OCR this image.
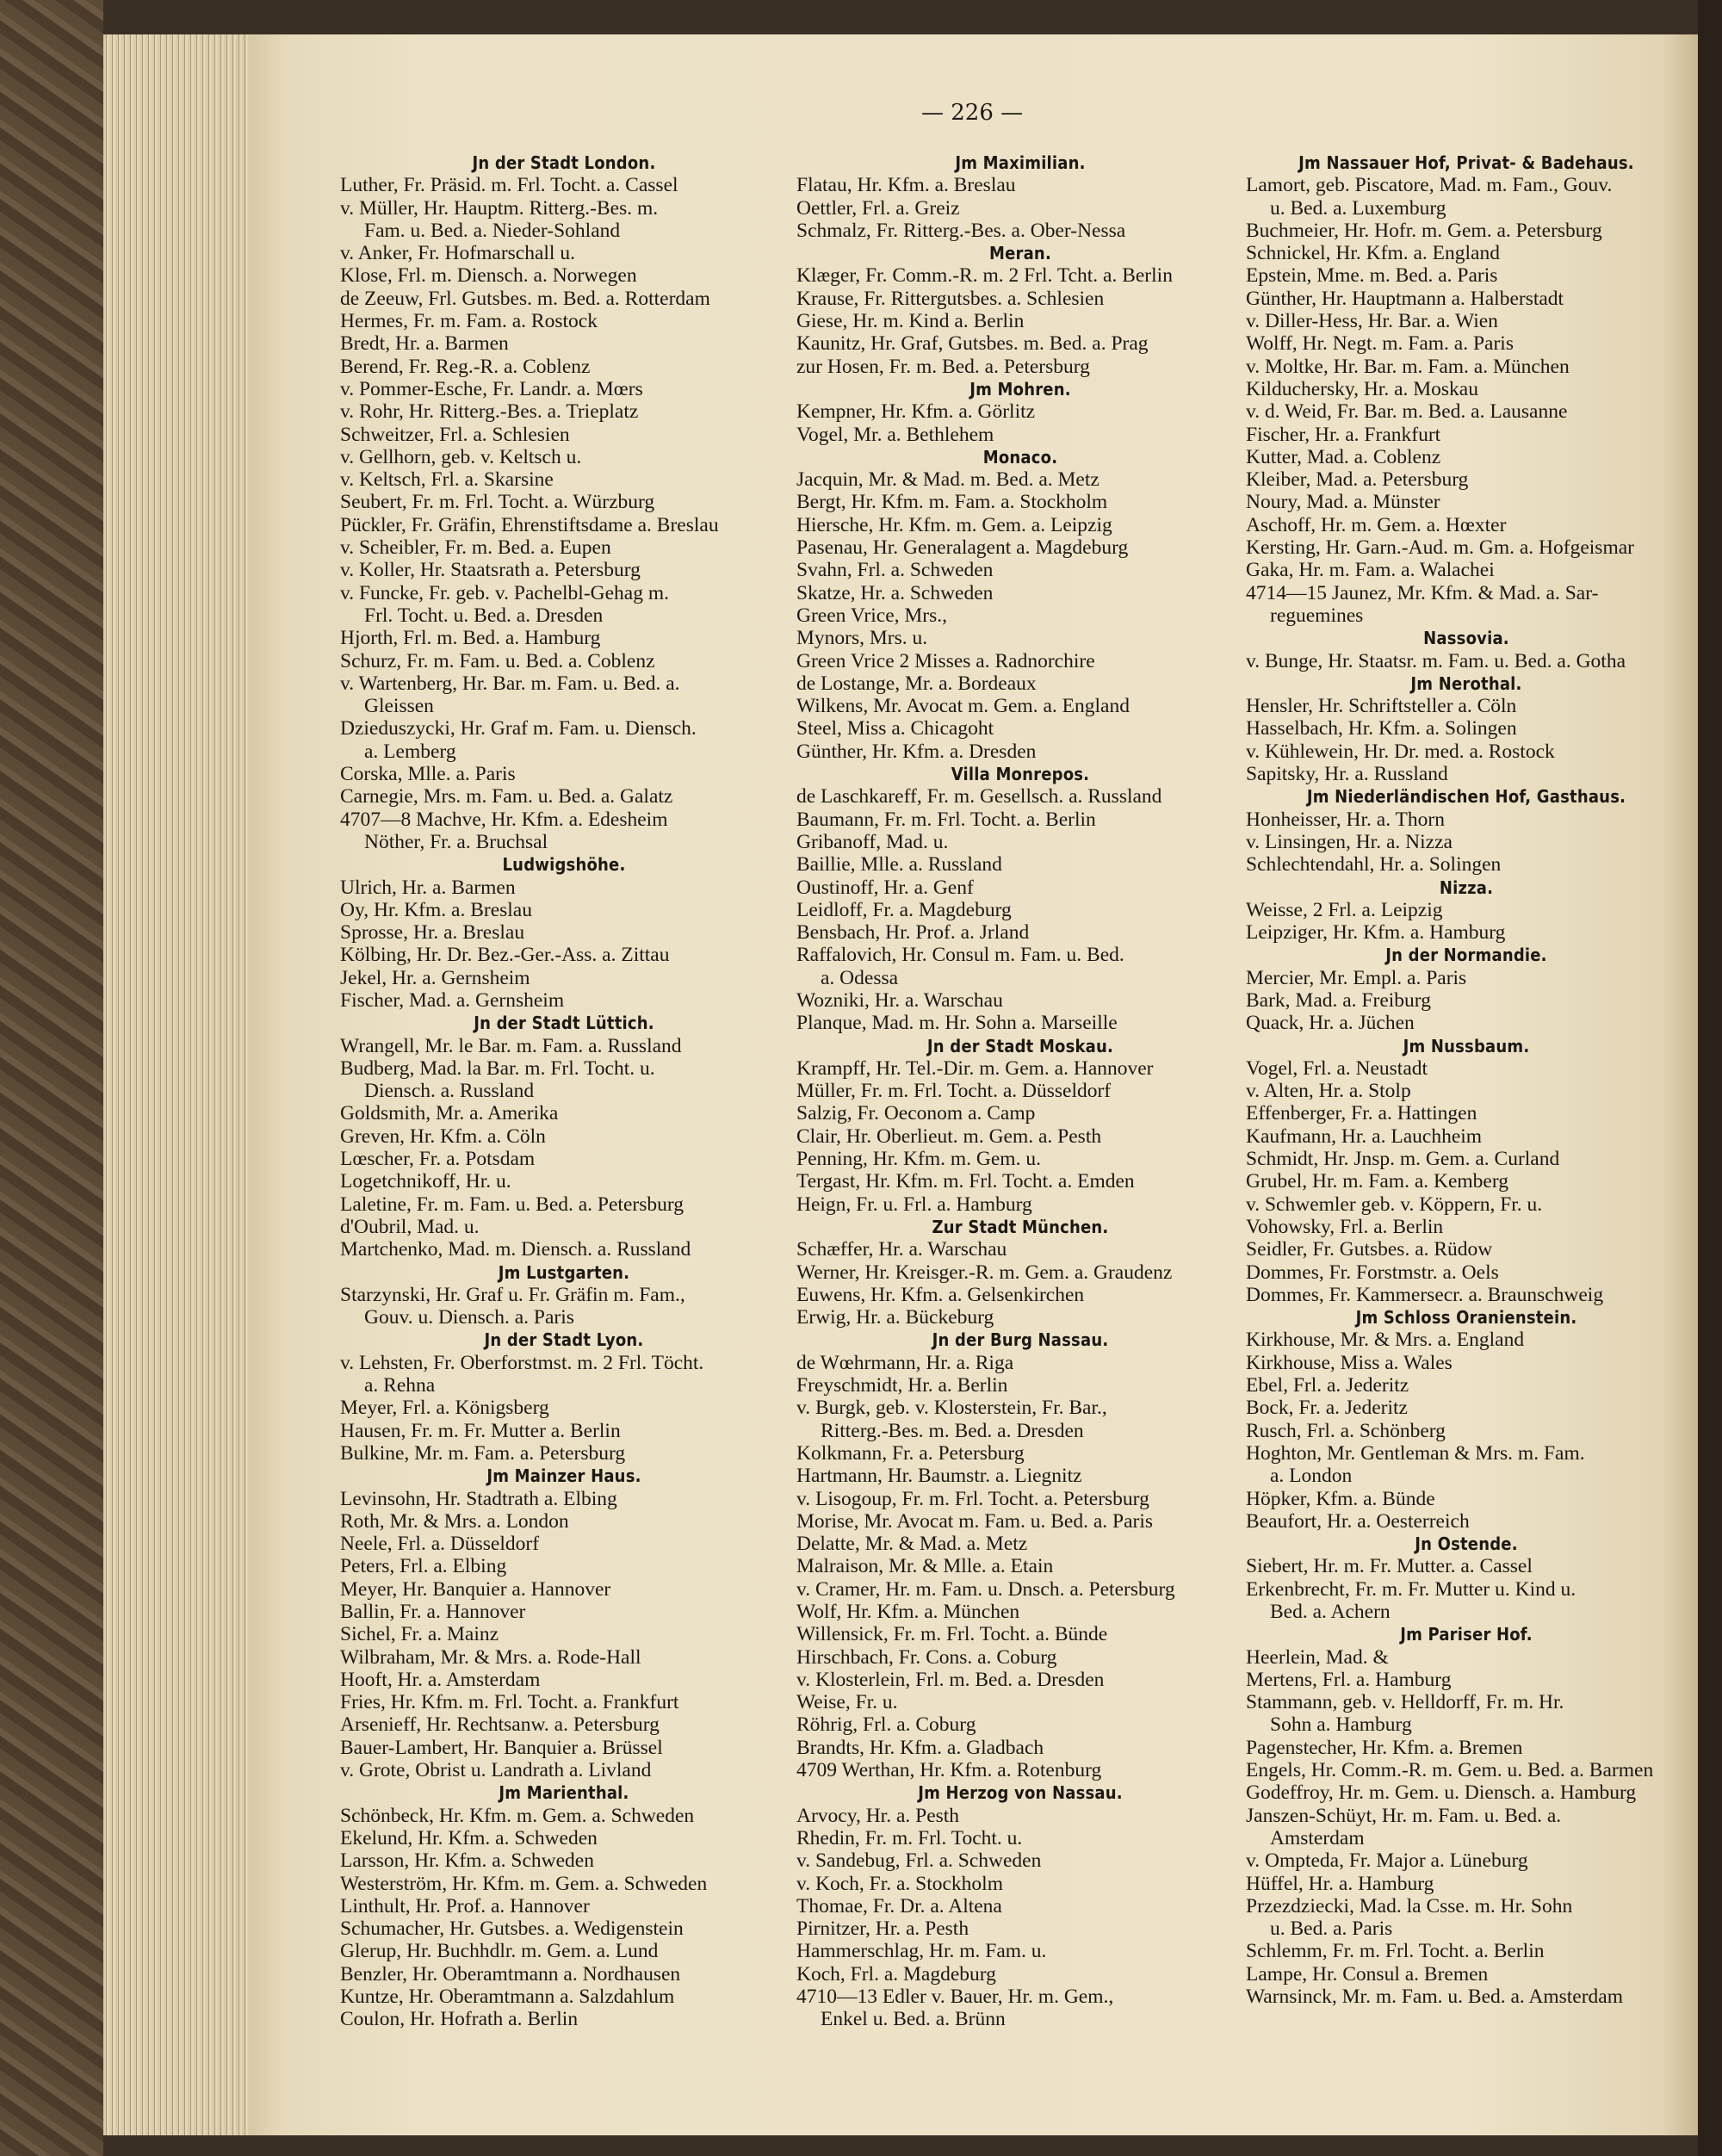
— 226 —
Jn der Stadt London.
Luther, Fr. Präsid. m. Frl. Tocht. a. Cassel
v. Müller, Hr. Hauptm. Ritterg.-Bes. m.
Fam. u. Bed. a. Nieder-Sohland
v. Anker, Fr. Hofmarschall u.
Klose, Frl. m. Diensch. a. Norwegen
de Zeeuw, Frl. Gutsbes. m. Bed. a. Rotterdam
Hermes, Fr. m. Fam. a. Rostock
Bredt, Hr. a. Barmen
Berend, Fr. Reg.-R. a. Coblenz
v. Pommer-Esche, Fr. Landr. a. Mœrs
v. Rohr, Hr. Ritterg.-Bes. a. Trieplatz
Schweitzer, Frl. a. Schlesien
v. Gellhorn, geb. v. Keltsch u.
v. Keltsch, Frl. a. Skarsine
Seubert, Fr. m. Frl. Tocht. a. Würzburg
Pückler, Fr. Gräfin, Ehrenstiftsdame a. Breslau
v. Scheibler, Fr. m. Bed. a. Eupen
v. Koller, Hr. Staatsrath a. Petersburg
v. Funcke, Fr. geb. v. Pachelbl-Gehag m.
Frl. Tocht. u. Bed. a. Dresden
Hjorth, Frl. m. Bed. a. Hamburg
Schurz, Fr. m. Fam. u. Bed. a. Coblenz
v. Wartenberg, Hr. Bar. m. Fam. u. Bed. a.
Gleissen
Dzieduszycki, Hr. Graf m. Fam. u. Diensch.
a. Lemberg
Corska, Mlle. a. Paris
Carnegie, Mrs. m. Fam. u. Bed. a. Galatz
4707—8 Machve, Hr. Kfm. a. Edesheim
Nöther, Fr. a. Bruchsal
Ludwigshöhe.
Ulrich, Hr. a. Barmen
Oy, Hr. Kfm. a. Breslau
Sprosse, Hr. a. Breslau
Kölbing, Hr. Dr. Bez.-Ger.-Ass. a. Zittau
Jekel, Hr. a. Gernsheim
Fischer, Mad. a. Gernsheim
Jn der Stadt Lüttich.
Wrangell, Mr. le Bar. m. Fam. a. Russland
Budberg, Mad. la Bar. m. Frl. Tocht. u.
Diensch. a. Russland
Goldsmith, Mr. a. Amerika
Greven, Hr. Kfm. a. Cöln
Lœscher, Fr. a. Potsdam
Logetchnikoff, Hr. u.
Laletine, Fr. m. Fam. u. Bed. a. Petersburg
d'Oubril, Mad. u.
Martchenko, Mad. m. Diensch. a. Russland
Jm Lustgarten.
Starzynski, Hr. Graf u. Fr. Gräfin m. Fam.,
Gouv. u. Diensch. a. Paris
Jn der Stadt Lyon.
v. Lehsten, Fr. Oberforstmst. m. 2 Frl. Töcht.
a. Rehna
Meyer, Frl. a. Königsberg
Hausen, Fr. m. Fr. Mutter a. Berlin
Bulkine, Mr. m. Fam. a. Petersburg
Jm Mainzer Haus.
Levinsohn, Hr. Stadtrath a. Elbing
Roth, Mr. & Mrs. a. London
Neele, Frl. a. Düsseldorf
Peters, Frl. a. Elbing
Meyer, Hr. Banquier a. Hannover
Ballin, Fr. a. Hannover
Sichel, Fr. a. Mainz
Wilbraham, Mr. & Mrs. a. Rode-Hall
Hooft, Hr. a. Amsterdam
Fries, Hr. Kfm. m. Frl. Tocht. a. Frankfurt
Arsenieff, Hr. Rechtsanw. a. Petersburg
Bauer-Lambert, Hr. Banquier a. Brüssel
v. Grote, Obrist u. Landrath a. Livland
Jm Marienthal.
Schönbeck, Hr. Kfm. m. Gem. a. Schweden
Ekelund, Hr. Kfm. a. Schweden
Larsson, Hr. Kfm. a. Schweden
Westerström, Hr. Kfm. m. Gem. a. Schweden
Linthult, Hr. Prof. a. Hannover
Schumacher, Hr. Gutsbes. a. Wedigenstein
Glerup, Hr. Buchhdlr. m. Gem. a. Lund
Benzler, Hr. Oberamtmann a. Nordhausen
Kuntze, Hr. Oberamtmann a. Salzdahlum
Coulon, Hr. Hofrath a. Berlin
Jm Maximilian.
Flatau, Hr. Kfm. a. Breslau
Oettler, Frl. a. Greiz
Schmalz, Fr. Ritterg.-Bes. a. Ober-Nessa
Meran.
Klæger, Fr. Comm.-R. m. 2 Frl. Tcht. a. Berlin
Krause, Fr. Rittergutsbes. a. Schlesien
Giese, Hr. m. Kind a. Berlin
Kaunitz, Hr. Graf, Gutsbes. m. Bed. a. Prag
zur Hosen, Fr. m. Bed. a. Petersburg
Jm Mohren.
Kempner, Hr. Kfm. a. Görlitz
Vogel, Mr. a. Bethlehem
Monaco.
Jacquin, Mr. & Mad. m. Bed. a. Metz
Bergt, Hr. Kfm. m. Fam. a. Stockholm
Hiersche, Hr. Kfm. m. Gem. a. Leipzig
Pasenau, Hr. Generalagent a. Magdeburg
Svahn, Frl. a. Schweden
Skatze, Hr. a. Schweden
Green Vrice, Mrs.,
Mynors, Mrs. u.
Green Vrice 2 Misses a. Radnorchire
de Lostange, Mr. a. Bordeaux
Wilkens, Mr. Avocat m. Gem. a. England
Steel, Miss a. Chicagoht
Günther, Hr. Kfm. a. Dresden
Villa Monrepos.
de Laschkareff, Fr. m. Gesellsch. a. Russland
Baumann, Fr. m. Frl. Tocht. a. Berlin
Gribanoff, Mad. u.
Baillie, Mlle. a. Russland
Oustinoff, Hr. a. Genf
Leidloff, Fr. a. Magdeburg
Bensbach, Hr. Prof. a. Jrland
Raffalovich, Hr. Consul m. Fam. u. Bed.
a. Odessa
Wozniki, Hr. a. Warschau
Planque, Mad. m. Hr. Sohn a. Marseille
Jn der Stadt Moskau.
Krampff, Hr. Tel.-Dir. m. Gem. a. Hannover
Müller, Fr. m. Frl. Tocht. a. Düsseldorf
Salzig, Fr. Oeconom a. Camp
Clair, Hr. Oberlieut. m. Gem. a. Pesth
Penning, Hr. Kfm. m. Gem. u.
Tergast, Hr. Kfm. m. Frl. Tocht. a. Emden
Heign, Fr. u. Frl. a. Hamburg
Zur Stadt München.
Schæffer, Hr. a. Warschau
Werner, Hr. Kreisger.-R. m. Gem. a. Graudenz
Euwens, Hr. Kfm. a. Gelsenkirchen
Erwig, Hr. a. Bückeburg
Jn der Burg Nassau.
de Wœhrmann, Hr. a. Riga
Freyschmidt, Hr. a. Berlin
v. Burgk, geb. v. Klosterstein, Fr. Bar.,
Ritterg.-Bes. m. Bed. a. Dresden
Kolkmann, Fr. a. Petersburg
Hartmann, Hr. Baumstr. a. Liegnitz
v. Lisogoup, Fr. m. Frl. Tocht. a. Petersburg
Morise, Mr. Avocat m. Fam. u. Bed. a. Paris
Delatte, Mr. & Mad. a. Metz
Malraison, Mr. & Mlle. a. Etain
v. Cramer, Hr. m. Fam. u. Dnsch. a. Petersburg
Wolf, Hr. Kfm. a. München
Willensick, Fr. m. Frl. Tocht. a. Bünde
Hirschbach, Fr. Cons. a. Coburg
v. Klosterlein, Frl. m. Bed. a. Dresden
Weise, Fr. u.
Röhrig, Frl. a. Coburg
Brandts, Hr. Kfm. a. Gladbach
4709 Werthan, Hr. Kfm. a. Rotenburg
Jm Herzog von Nassau.
Arvocy, Hr. a. Pesth
Rhedin, Fr. m. Frl. Tocht. u.
v. Sandebug, Frl. a. Schweden
v. Koch, Fr. a. Stockholm
Thomae, Fr. Dr. a. Altena
Pirnitzer, Hr. a. Pesth
Hammerschlag, Hr. m. Fam. u.
Koch, Frl. a. Magdeburg
4710—13 Edler v. Bauer, Hr. m. Gem.,
Enkel u. Bed. a. Brünn
Jm Nassauer Hof, Privat- & Badehaus.
Lamort, geb. Piscatore, Mad. m. Fam., Gouv.
u. Bed. a. Luxemburg
Buchmeier, Hr. Hofr. m. Gem. a. Petersburg
Schnickel, Hr. Kfm. a. England
Epstein, Mme. m. Bed. a. Paris
Günther, Hr. Hauptmann a. Halberstadt
v. Diller-Hess, Hr. Bar. a. Wien
Wolff, Hr. Negt. m. Fam. a. Paris
v. Moltke, Hr. Bar. m. Fam. a. München
Kilduchersky, Hr. a. Moskau
v. d. Weid, Fr. Bar. m. Bed. a. Lausanne
Fischer, Hr. a. Frankfurt
Kutter, Mad. a. Coblenz
Kleiber, Mad. a. Petersburg
Noury, Mad. a. Münster
Aschoff, Hr. m. Gem. a. Hœxter
Kersting, Hr. Garn.-Aud. m. Gm. a. Hofgeismar
Gaka, Hr. m. Fam. a. Walachei
4714—15 Jaunez, Mr. Kfm. & Mad. a. Sar-
reguemines
Nassovia.
v. Bunge, Hr. Staatsr. m. Fam. u. Bed. a. Gotha
Jm Nerothal.
Hensler, Hr. Schriftsteller a. Cöln
Hasselbach, Hr. Kfm. a. Solingen
v. Kühlewein, Hr. Dr. med. a. Rostock
Sapitsky, Hr. a. Russland
Jm Niederländischen Hof, Gasthaus.
Honheisser, Hr. a. Thorn
v. Linsingen, Hr. a. Nizza
Schlechtendahl, Hr. a. Solingen
Nizza.
Weisse, 2 Frl. a. Leipzig
Leipziger, Hr. Kfm. a. Hamburg
Jn der Normandie.
Mercier, Mr. Empl. a. Paris
Bark, Mad. a. Freiburg
Quack, Hr. a. Jüchen
Jm Nussbaum.
Vogel, Frl. a. Neustadt
v. Alten, Hr. a. Stolp
Effenberger, Fr. a. Hattingen
Kaufmann, Hr. a. Lauchheim
Schmidt, Hr. Jnsp. m. Gem. a. Curland
Grubel, Hr. m. Fam. a. Kemberg
v. Schwemler geb. v. Köppern, Fr. u.
Vohowsky, Frl. a. Berlin
Seidler, Fr. Gutsbes. a. Rüdow
Dommes, Fr. Forstmstr. a. Oels
Dommes, Fr. Kammersecr. a. Braunschweig
Jm Schloss Oranienstein.
Kirkhouse, Mr. & Mrs. a. England
Kirkhouse, Miss a. Wales
Ebel, Frl. a. Jederitz
Bock, Fr. a. Jederitz
Rusch, Frl. a. Schönberg
Hoghton, Mr. Gentleman & Mrs. m. Fam.
a. London
Höpker, Kfm. a. Bünde
Beaufort, Hr. a. Oesterreich
Jn Ostende.
Siebert, Hr. m. Fr. Mutter. a. Cassel
Erkenbrecht, Fr. m. Fr. Mutter u. Kind u.
Bed. a. Achern
Jm Pariser Hof.
Heerlein, Mad. &
Mertens, Frl. a. Hamburg
Stammann, geb. v. Helldorff, Fr. m. Hr.
Sohn a. Hamburg
Pagenstecher, Hr. Kfm. a. Bremen
Engels, Hr. Comm.-R. m. Gem. u. Bed. a. Barmen
Godeffroy, Hr. m. Gem. u. Diensch. a. Hamburg
Janszen-Schüyt, Hr. m. Fam. u. Bed. a.
Amsterdam
v. Ompteda, Fr. Major a. Lüneburg
Hüffel, Hr. a. Hamburg
Przezdziecki, Mad. la Csse. m. Hr. Sohn
u. Bed. a. Paris
Schlemm, Fr. m. Frl. Tocht. a. Berlin
Lampe, Hr. Consul a. Bremen
Warnsinck, Mr. m. Fam. u. Bed. a. Amsterdam
